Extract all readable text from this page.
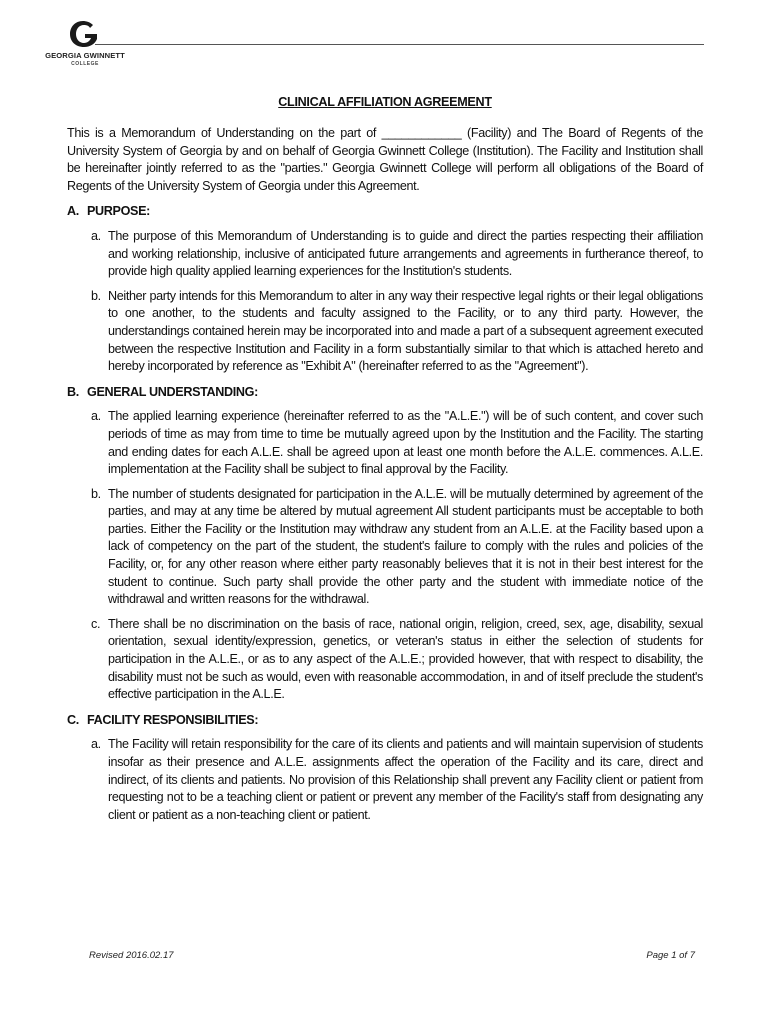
GEORGIA GWINNETT
COLLEGE
CLINICAL AFFILIATION AGREEMENT

This is a Memorandum of Understanding on the part of ____________ (Facility) and The Board of Regents of the University System of Georgia by and on behalf of Georgia Gwinnett College (Institution). The Facility and Institution shall be hereinafter jointly referred to as the "parties." Georgia Gwinnett College will perform all obligations of the Board of Regents of the University System of Georgia under this Agreement.

A. PURPOSE:
a. The purpose of this Memorandum of Understanding is to guide and direct the parties respecting their affiliation and working relationship, inclusive of anticipated future arrangements and agreements in furtherance thereof, to provide high quality applied learning experiences for the Institution's students.
b. Neither party intends for this Memorandum to alter in any way their respective legal rights or their legal obligations to one another, to the students and faculty assigned to the Facility, or to any third party. However, the understandings contained herein may be incorporated into and made a part of a subsequent agreement executed between the respective Institution and Facility in a form substantially similar to that which is attached hereto and hereby incorporated by reference as "Exhibit A" (hereinafter referred to as the "Agreement").
B. GENERAL UNDERSTANDING:
a. The applied learning experience (hereinafter referred to as the "A.L.E.") will be of such content, and cover such periods of time as may from time to time be mutually agreed upon by the Institution and the Facility. The starting and ending dates for each A.L.E. shall be agreed upon at least one month before the A.L.E. commences. A.L.E. implementation at the Facility shall be subject to final approval by the Facility.
b. The number of students designated for participation in the A.L.E. will be mutually determined by agreement of the parties, and may at any time be altered by mutual agreement All student participants must be acceptable to both parties. Either the Facility or the Institution may withdraw any student from an A.L.E. at the Facility based upon a lack of competency on the part of the student, the student's failure to comply with the rules and policies of the Facility, or, for any other reason where either party reasonably believes that it is not in their best interest for the student to continue. Such party shall provide the other party and the student with immediate notice of the withdrawal and written reasons for the withdrawal.
c. There shall be no discrimination on the basis of race, national origin, religion, creed, sex, age, disability, sexual orientation, sexual identity/expression, genetics, or veteran's status in either the selection of students for participation in the A.L.E., or as to any aspect of the A.L.E.; provided however, that with respect to disability, the disability must not be such as would, even with reasonable accommodation, in and of itself preclude the student's effective participation in the A.L.E.
C. FACILITY RESPONSIBILITIES:
a. The Facility will retain responsibility for the care of its clients and patients and will maintain supervision of students insofar as their presence and A.L.E. assignments affect the operation of the Facility and its care, direct and indirect, of its clients and patients. No provision of this Relationship shall prevent any Facility client or patient from requesting not to be a teaching client or patient or prevent any member of the Facility's staff from designating any client or patient as a non-teaching client or patient.
Revised 2016.02.17	Page 1 of 7
